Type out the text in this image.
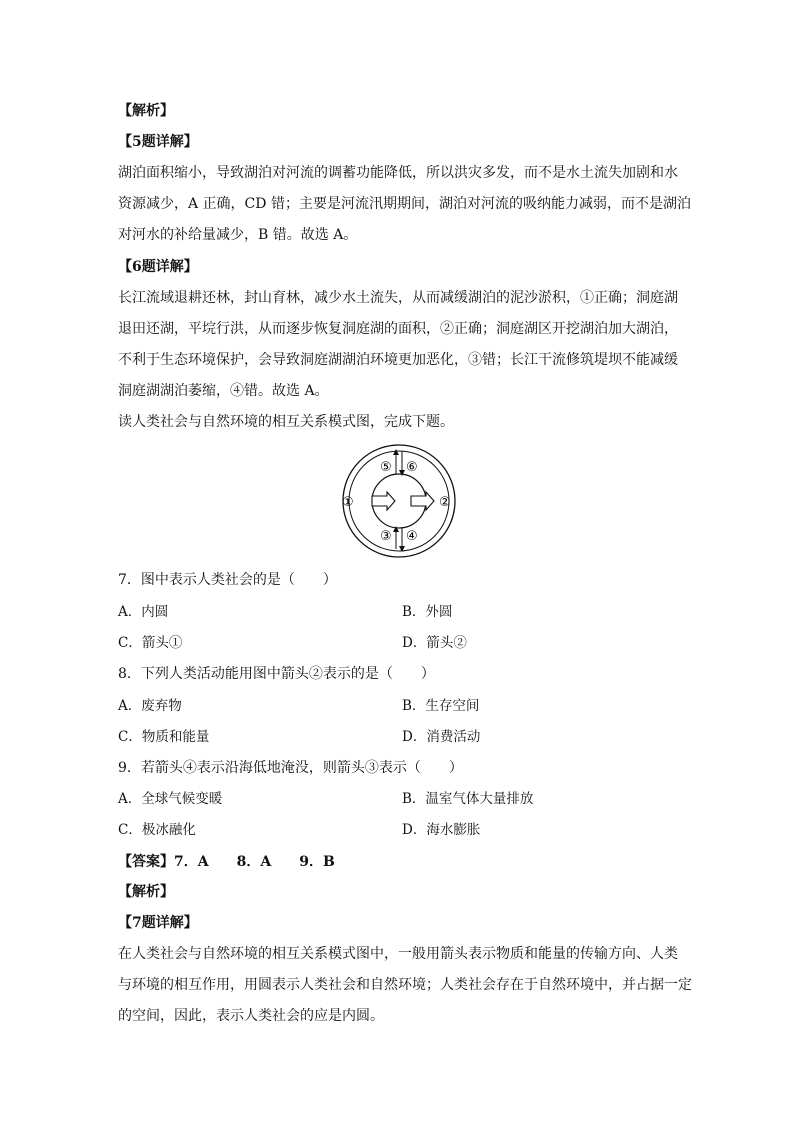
【解析】
【5题详解】
湖泊面积缩小，导致湖泊对河流的调蓄功能降低，所以洪灾多发，而不是水土流失加剧和水
资源减少，A 正确，CD 错；主要是河流汛期期间，湖泊对河流的吸纳能力减弱，而不是湖泊
对河水的补给量减少，B 错。故选 A。
【6题详解】
长江流域退耕还林，封山育林，减少水土流失，从而减缓湖泊的泥沙淤积，①正确；洞庭湖
退田还湖，平垸行洪，从而逐步恢复洞庭湖的面积，②正确；洞庭湖区开挖湖泊加大湖泊，
不利于生态环境保护，会导致洞庭湖湖泊环境更加恶化，③错；长江干流修筑堤坝不能减缓
洞庭湖湖泊萎缩，④错。故选 A。
读人类社会与自然环境的相互关系模式图，完成下题。
①	②
③ ④
⑤ ⑥
7．图中表示人类社会的是（　　）
A．内圆	B．外圆
C．箭头①	D．箭头②
8．下列人类活动能用图中箭头②表示的是（　　）
A．废弃物	B．生存空间
C．物质和能量	D．消费活动
9．若箭头④表示沿海低地淹没，则箭头③表示（　　）
A．全球气候变暖	B．温室气体大量排放
C．极冰融化	D．海水膨胀
【答案】7．A　　8．A　　9．B
【解析】
【7题详解】
在人类社会与自然环境的相互关系模式图中，一般用箭头表示物质和能量的传输方向、人类
与环境的相互作用，用圆表示人类社会和自然环境；人类社会存在于自然环境中，并占据一定
的空间，因此，表示人类社会的应是内圆。
